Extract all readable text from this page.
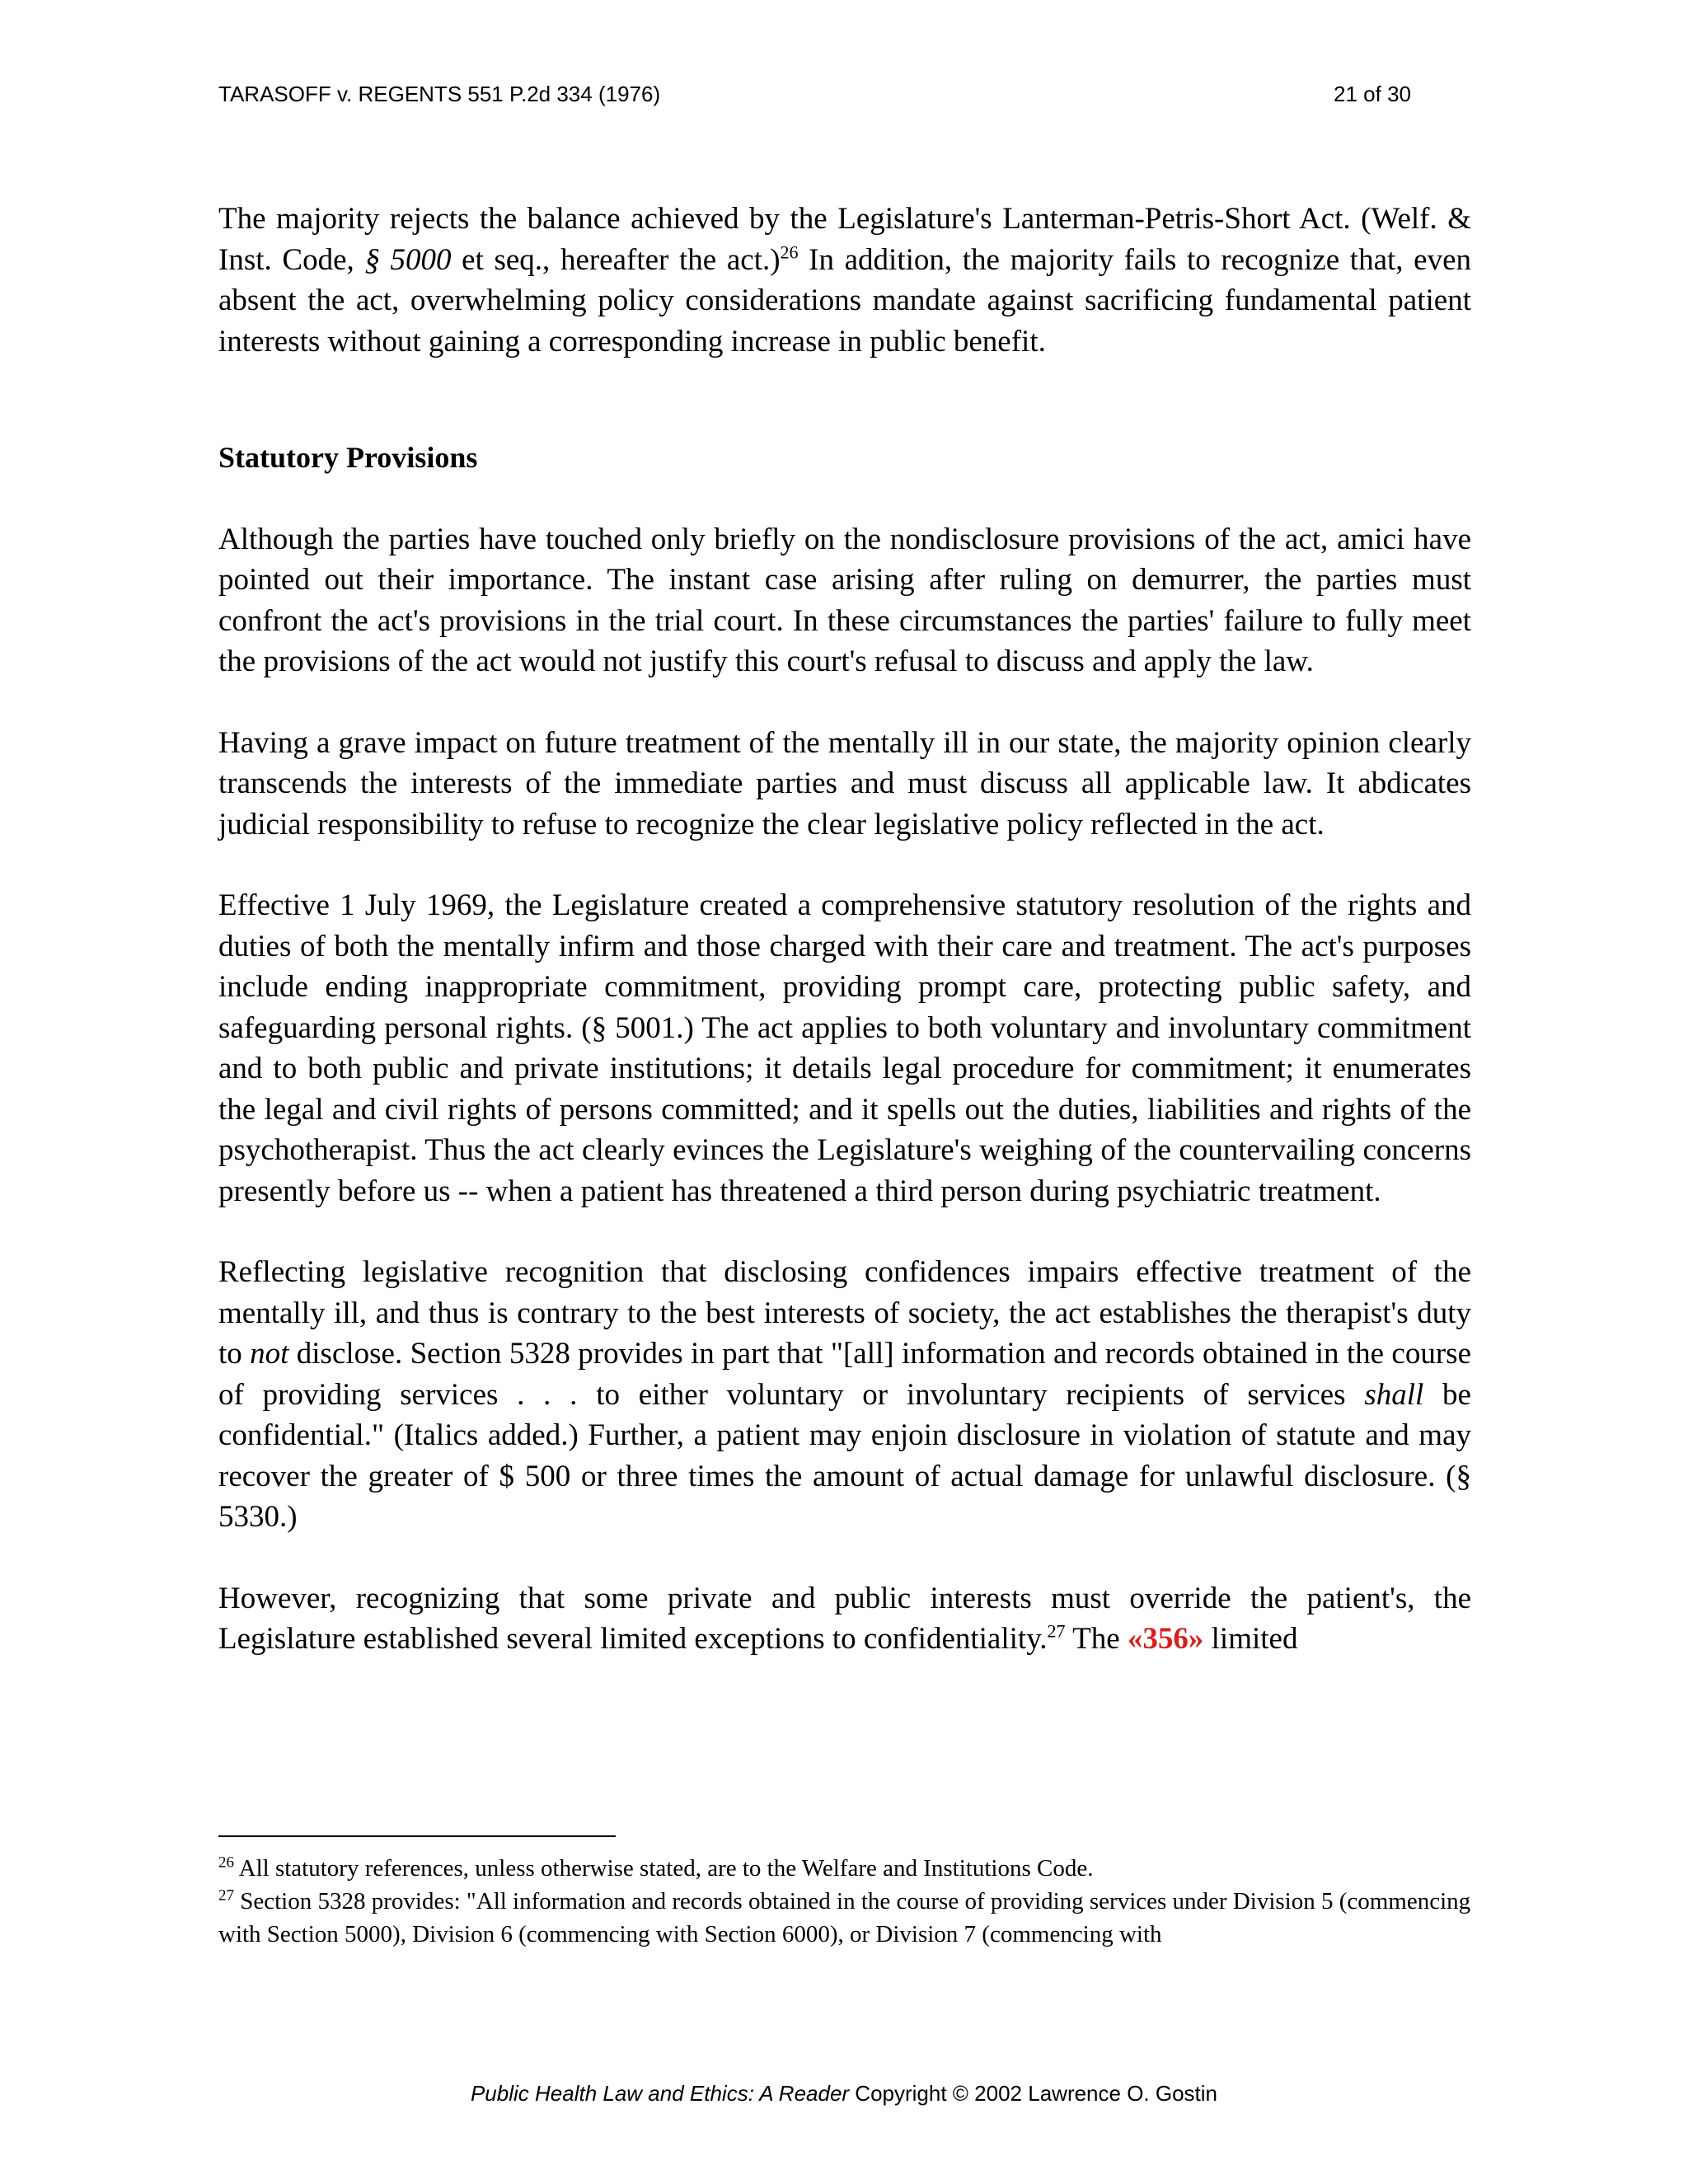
TARASOFF v. REGENTS 551 P.2d 334 (1976)	21 of 30

The majority rejects the balance achieved by the Legislature's Lanterman-Petris-Short Act. (Welf. & Inst. Code, § 5000 et seq., hereafter the act.)$^{26}$ In addition, the majority fails to recognize that, even absent the act, overwhelming policy considerations mandate against sacrificing fundamental patient interests without gaining a corresponding increase in public benefit.

Statutory Provisions

Although the parties have touched only briefly on the nondisclosure provisions of the act, amici have pointed out their importance. The instant case arising after ruling on demurrer, the parties must confront the act's provisions in the trial court. In these circumstances the parties' failure to fully meet the provisions of the act would not justify this court's refusal to discuss and apply the law.

Having a grave impact on future treatment of the mentally ill in our state, the majority opinion clearly transcends the interests of the immediate parties and must discuss all applicable law. It abdicates judicial responsibility to refuse to recognize the clear legislative policy reflected in the act.

Effective 1 July 1969, the Legislature created a comprehensive statutory resolution of the rights and duties of both the mentally infirm and those charged with their care and treatment. The act's purposes include ending inappropriate commitment, providing prompt care, protecting public safety, and safeguarding personal rights. (§ 5001.) The act applies to both voluntary and involuntary commitment and to both public and private institutions; it details legal procedure for commitment; it enumerates the legal and civil rights of persons committed; and it spells out the duties, liabilities and rights of the psychotherapist. Thus the act clearly evinces the Legislature's weighing of the countervailing concerns presently before us -- when a patient has threatened a third person during psychiatric treatment.

Reflecting legislative recognition that disclosing confidences impairs effective treatment of the mentally ill, and thus is contrary to the best interests of society, the act establishes the therapist's duty to not disclose. Section 5328 provides in part that "[all] information and records obtained in the course of providing services . . . to either voluntary or involuntary recipients of services shall be confidential." (Italics added.) Further, a patient may enjoin disclosure in violation of statute and may recover the greater of $ 500 or three times the amount of actual damage for unlawful disclosure. (§ 5330.)

However, recognizing that some private and public interests must override the patient's, the Legislature established several limited exceptions to confidentiality.$^{27}$ The «356» limited

$^{26}$ All statutory references, unless otherwise stated, are to the Welfare and Institutions Code.

$^{27}$ Section 5328 provides: "All information and records obtained in the course of providing services under Division 5 (commencing with Section 5000), Division 6 (commencing with Section 6000), or Division 7 (commencing with

Public Health Law and Ethics: A Reader Copyright © 2002 Lawrence O. Gostin
